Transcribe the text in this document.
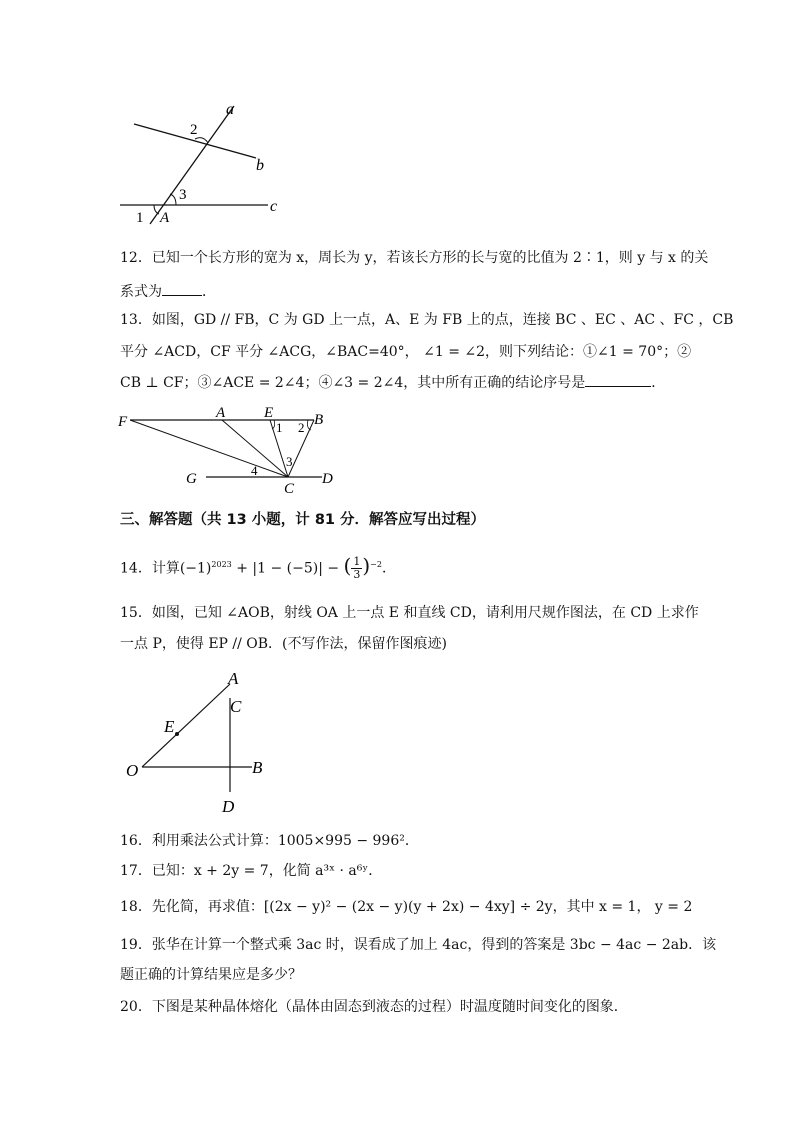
a
b
c
A
1
2
3
12．已知一个长方形的宽为 x，周长为 y，若该长方形的长与宽的比值为 2∶1，则 y 与 x 的关
系式为	．
13．如图，GD // FB，C 为 GD 上一点，A、E 为 FB 上的点，连接 BC 、EC 、AC 、FC ，CB
平分 ∠ACD，CF 平分 ∠ACG，∠BAC=40°， ∠1 = ∠2，则下列结论：①∠1 = 70°；②
CB ⊥ CF；③∠ACE = 2∠4；④∠3 = 2∠4，其中所有正确的结论序号是	．
F
A	E	B
1 2
G
4
3
C
D
三、解答题（共 13 小题，计 81 分．解答应写出过程）
14．计算$(-1)^{2023} + |1 - (-5)|$ − ( $\frac{1}{3} )^{-2}$．
15．如图，已知 ∠AOB，射线 OA 上一点 E 和直线 CD，请利用尺规作图法，在 CD 上求作
一点 P，使得 EP // OB．(不写作法，保留作图痕迹)
A
C
E
O	B
D
16．利用乘法公式计算：1005×995 − 996²．
17．已知：x + 2y = 7，化简 a³ˣ · a⁶ʸ．
18．先化简，再求值：[(2x − y)² − (2x − y)(y + 2x) − 4xy] ÷ 2y，其中 x = 1， y = 2
19．张华在计算一个整式乘 3ac 时，误看成了加上 4ac，得到的答案是 3bc − 4ac − 2ab．该
题正确的计算结果应是多少？
20．下图是某种晶体熔化（晶体由固态到液态的过程）时温度随时间变化的图象．
